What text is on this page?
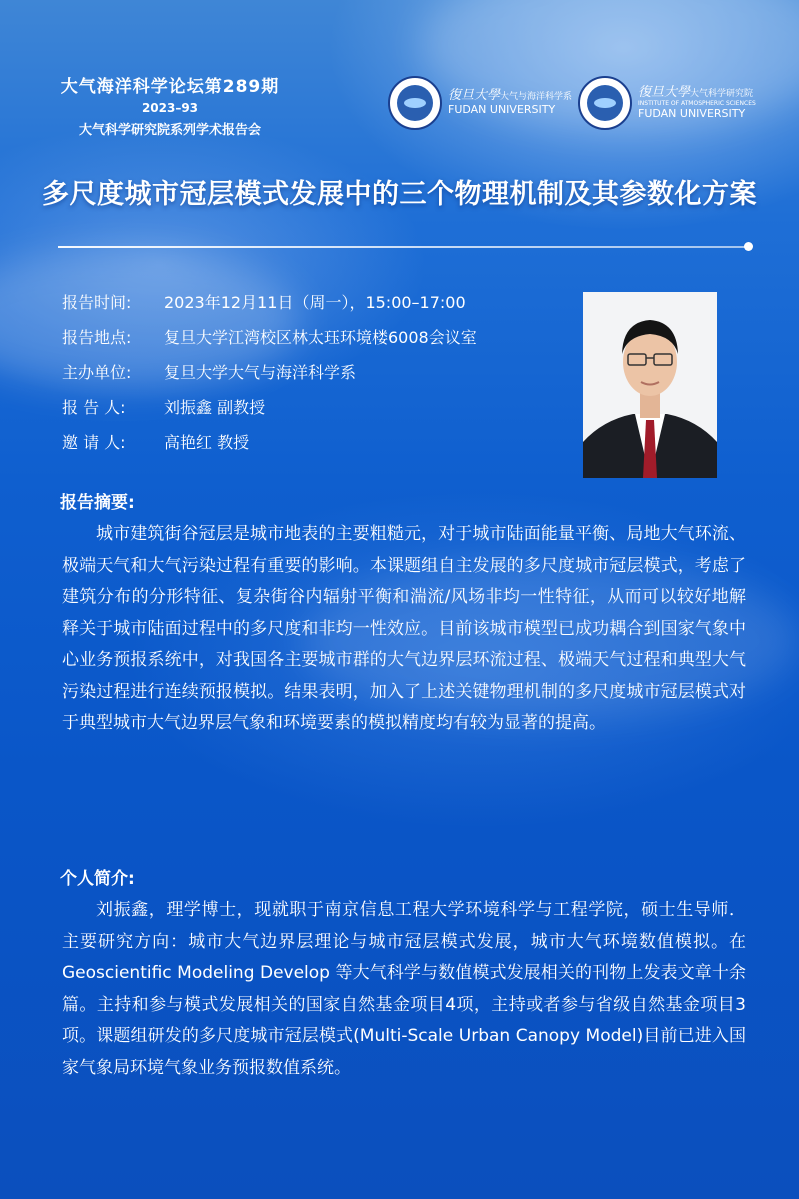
大气海洋科学论坛第289期
2023–93
大气科学研究院系列学术报告会
復旦大學大气与海洋科学系
FUDAN UNIVERSITY
復旦大學大气科学研究院
INSTITUTE OF ATMOSPHERIC SCIENCES
FUDAN UNIVERSITY
多尺度城市冠层模式发展中的三个物理机制及其参数化方案
报告时间:	2023年12月11日（周一），15:00–17:00
报告地点:	复旦大学江湾校区林太珏环境楼6008会议室
主办单位:	复旦大学大气与海洋科学系
报 告 人:	刘振鑫 副教授
邀 请 人:	高艳红 教授
报告摘要:
城市建筑街谷冠层是城市地表的主要粗糙元，对于城市陆面能量平衡、局地大气环流、极端天气和大气污染过程有重要的影响。本课题组自主发展的多尺度城市冠层模式，考虑了建筑分布的分形特征、复杂街谷内辐射平衡和湍流/风场非均一性特征，从而可以较好地解释关于城市陆面过程中的多尺度和非均一性效应。目前该城市模型已成功耦合到国家气象中心业务预报系统中，对我国各主要城市群的大气边界层环流过程、极端天气过程和典型大气污染过程进行连续预报模拟。结果表明，加入了上述关键物理机制的多尺度城市冠层模式对于典型城市大气边界层气象和环境要素的模拟精度均有较为显著的提高。
个人简介:
刘振鑫，理学博士，现就职于南京信息工程大学环境科学与工程学院，硕士生导师． 主要研究方向：城市大气边界层理论与城市冠层模式发展，城市大气环境数值模拟。在Geoscientific Modeling Develop 等大气科学与数值模式发展相关的刊物上发表文章十余篇。主持和参与模式发展相关的国家自然基金项目4项，主持或者参与省级自然基金项目3项。课题组研发的多尺度城市冠层模式(Multi-Scale Urban Canopy Model)目前已进入国家气象局环境气象业务预报数值系统。
